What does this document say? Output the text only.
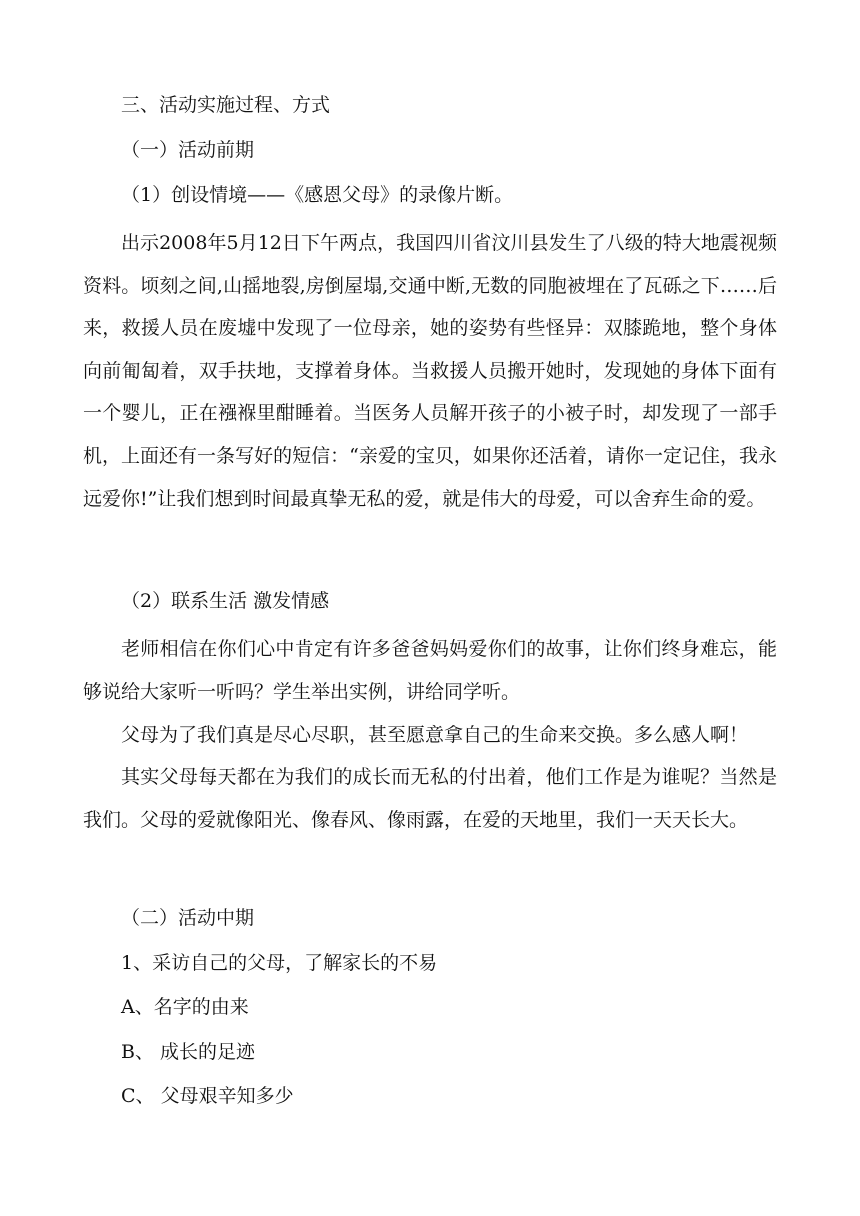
三、活动实施过程、方式
（一）活动前期
（1）创设情境——《感恩父母》的录像片断。
出示2008年5月12日下午两点，我国四川省汶川县发生了八级的特大地震视频资料。顷刻之间,山摇地裂,房倒屋塌,交通中断,无数的同胞被埋在了瓦砾之下……后来，救援人员在废墟中发现了一位母亲，她的姿势有些怪异：双膝跪地，整个身体向前匍匐着，双手扶地，支撑着身体。当救援人员搬开她时，发现她的身体下面有一个婴儿，正在襁褓里酣睡着。当医务人员解开孩子的小被子时，却发现了一部手机，上面还有一条写好的短信：“亲爱的宝贝，如果你还活着，请你一定记住，我永远爱你!”让我们想到时间最真挚无私的爱，就是伟大的母爱，可以舍弃生命的爱。
（2）联系生活 激发情感
老师相信在你们心中肯定有许多爸爸妈妈爱你们的故事，让你们终身难忘，能够说给大家听一听吗？学生举出实例，讲给同学听。
父母为了我们真是尽心尽职，甚至愿意拿自己的生命来交换。多么感人啊！
其实父母每天都在为我们的成长而无私的付出着，他们工作是为谁呢？当然是我们。父母的爱就像阳光、像春风、像雨露，在爱的天地里，我们一天天长大。
（二）活动中期
1、采访自己的父母，了解家长的不易
A、名字的由来
B、 成长的足迹
C、 父母艰辛知多少
